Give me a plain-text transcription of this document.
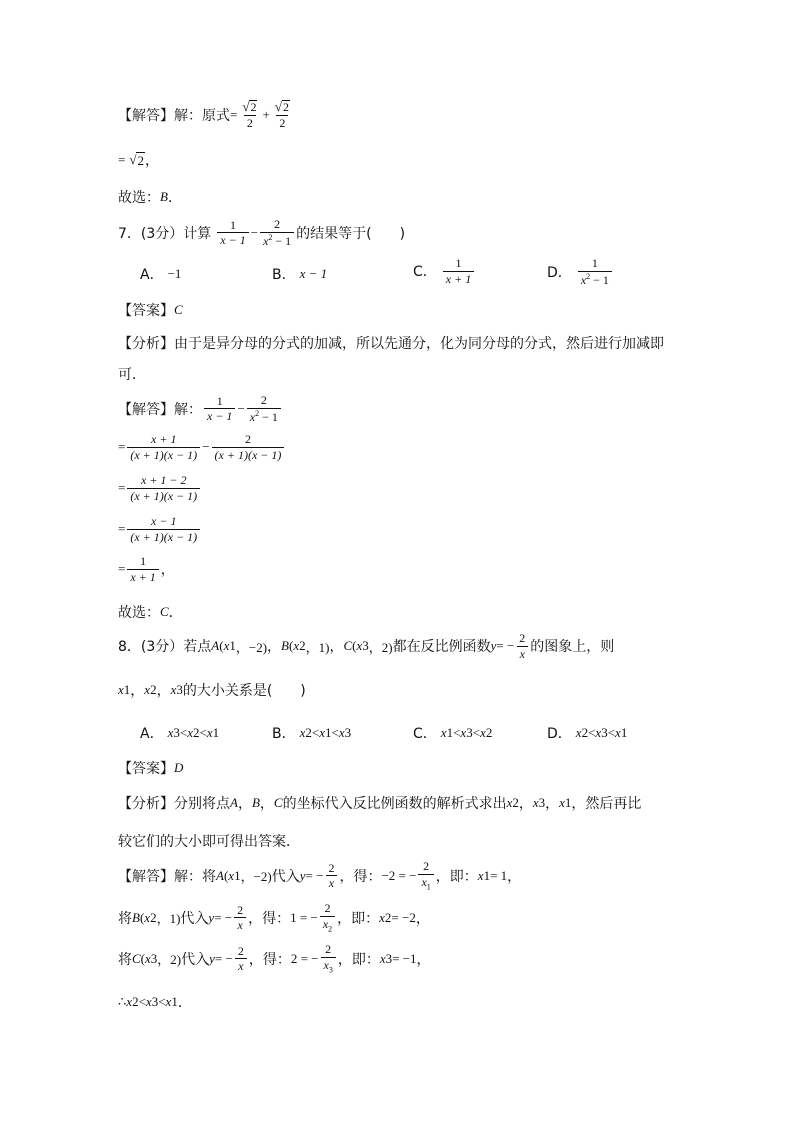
【解答】 解：原式 = $\frac{√ 2}{2} + \frac{√ 2}{2}$
= √ 2 ，
故选： B ．
7．(3分）计算 $\frac{1}{x - 1} - \frac{2}{x^2 - 1}$ 的结果等于(　　)
A． −1	B． x − 1	C． $\frac{1}{x + 1}$	D． $\frac{1}{x^2 - 1}$
【答案】 C
【分析】 由于是异分母的分式的加减，所以先通分，化为同分母的分式，然后进行加减即
可．
【解答】 解： $\frac{1}{x - 1} - \frac{2}{x^2 - 1}$
= $\frac{x + 1}{(x + 1)(x - 1)} - \frac{2}{(x + 1)(x - 1)}$
= $\frac{x + 1 - 2}{(x + 1)(x - 1)}$
= $\frac{x - 1}{(x + 1)(x - 1)}$
= $\frac{1}{x + 1}$ ，
故选： C ．
8．(3分）若点 A ( x 1 ，−2) ， B ( x 2 ，1) ， C ( x 3 ，2) 都在反比例函数 y = − $\frac{2}{x}$ 的图象上，则
x 1 ， x 2 ， x 3 的大小关系是(　　)
A． x 3 < x 2 < x 1	B． x 2 < x 1 < x 3	C． x 1 < x 3 < x 2	D． x 2 < x 3 < x 1
【答案】 D
【分析】 分别将点 A ， B ， C 的坐标代入反比例函数的解析式求出 x 2 ， x 3 ， x 1 ，然后再比
较它们的大小即可得出答案．
【解答】 解：将 A ( x 1 ，−2) 代入 y = − $\frac{2}{x}$ ，得： −2 = − $\frac{2}{x_1}$ ，即： x 1 = 1 ，
将 B ( x 2 ，1) 代入 y = − $\frac{2}{x}$ ，得： 1 = − $\frac{2}{x_2}$ ，即： x 2 = −2 ，
将 C ( x 3 ，2) 代入 y = − $\frac{2}{x}$ ，得： 2 = − $\frac{2}{x_3}$ ，即： x 3 = −1 ，
∴ x 2 < x 3 < x 1 ．
